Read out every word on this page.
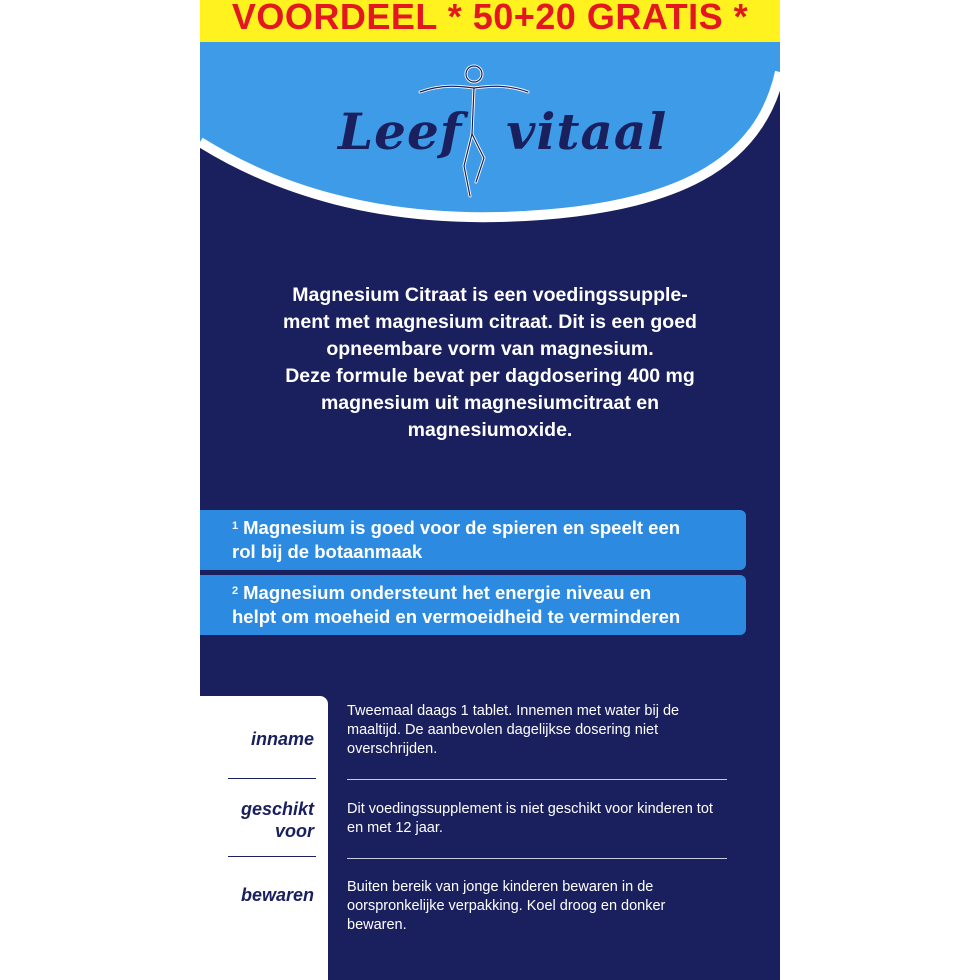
VOORDEEL * 50+20 GRATIS *
Leef vitaal
Magnesium Citraat is een voedingssupple-
ment met magnesium citraat. Dit is een goed
opneembare vorm van magnesium.
Deze formule bevat per dagdosering 400 mg
magnesium uit magnesiumcitraat en
magnesiumoxide.
$^1$ Magnesium is goed voor de spieren en speelt een
rol bij de botaanmaak
$^2$ Magnesium ondersteunt het energie niveau en
helpt om moeheid en vermoeidheid te verminderen
Tweemaal daags 1 tablet. Innemen met water bij de
maaltijd. De aanbevolen dagelijkse dosering niet
overschrijden.
Dit voedingssupplement is niet geschikt voor kinderen tot
en met 12 jaar.
Buiten bereik van jonge kinderen bewaren in de
oorspronkelijke verpakking. Koel droog en donker
bewaren.
inname
geschikt
voor
bewaren
